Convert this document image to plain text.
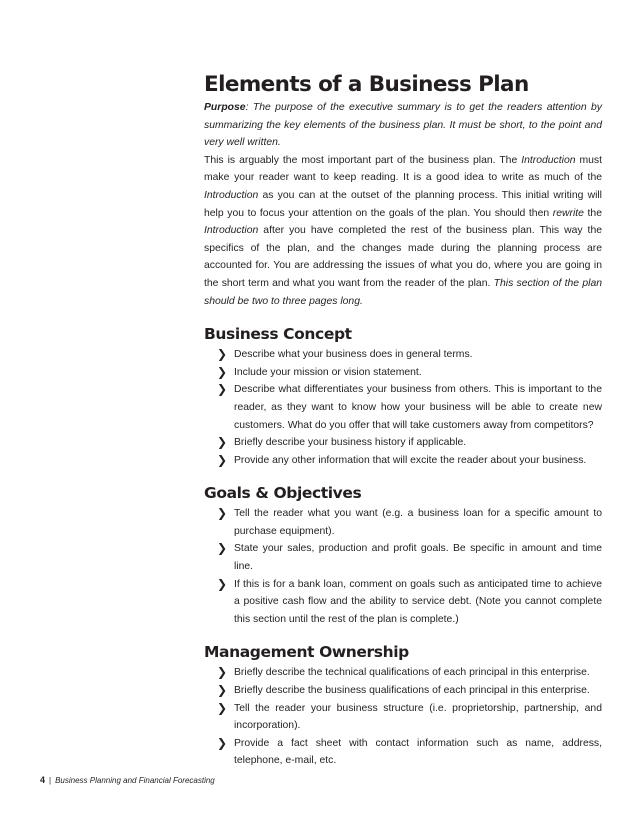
Elements of a Business Plan

Purpose: The purpose of the executive summary is to get the readers attention by summarizing the key elements of the business plan. It must be short, to the point and very well written.

This is arguably the most important part of the business plan. The Introduction must make your reader want to keep reading. It is a good idea to write as much of the Introduction as you can at the outset of the planning process. This initial writing will help you to focus your attention on the goals of the plan. You should then rewrite the Introduction after you have completed the rest of the business plan. This way the specifics of the plan, and the changes made during the planning process are accounted for. You are addressing the issues of what you do, where you are going in the short term and what you want from the reader of the plan. This section of the plan should be two to three pages long.

Business Concept
❯ Describe what your business does in general terms.
❯ Include your mission or vision statement.
❯ Describe what differentiates your business from others. This is important to the reader, as they want to know how your business will be able to create new customers. What do you offer that will take customers away from competitors?
❯ Briefly describe your business history if applicable.
❯ Provide any other information that will excite the reader about your business.
Goals & Objectives
❯ Tell the reader what you want (e.g. a business loan for a specific amount to purchase equipment).
❯ State your sales, production and profit goals. Be specific in amount and time line.
❯ If this is for a bank loan, comment on goals such as anticipated time to achieve a positive cash flow and the ability to service debt. (Note you cannot complete this section until the rest of the plan is complete.)
Management Ownership
❯ Briefly describe the technical qualifications of each principal in this enterprise.
❯ Briefly describe the business qualifications of each principal in this enterprise.
❯ Tell the reader your business structure (i.e. proprietorship, partnership, and incorporation).
❯ Provide a fact sheet with contact information such as name, address, telephone, e-mail, etc.
4 | Business Planning and Financial Forecasting
